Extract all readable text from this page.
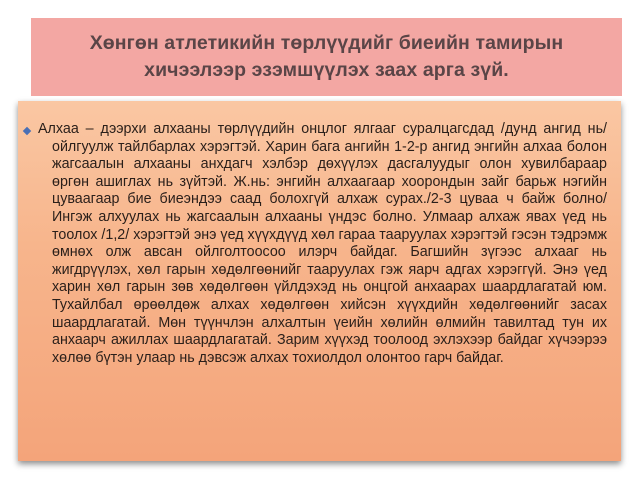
Хөнгөн атлетикийн төрлүүдийг биеийн тамирын
хичээлээр эзэмшүүлэх заах арга зүй.

Алхаа – дээрхи алхааны төрлүүдийн онцлог ялгааг суралцагсдад /дунд ангид нь/ ойлгуулж тайлбарлах хэрэгтэй. Харин бага ангийн 1-2-р ангид энгийн алхаа болон жагсаалын алхааны анхдагч хэлбэр дөхүүлэх дасгалуудыг олон хувилбараар өргөн ашиглах нь зүйтэй. Ж.нь: энгийн алхаагаар хоорондын зайг барьж нэгийн цуваагаар бие биеэндээ саад болохгүй алхаж сурах./2-3 цуваа ч байж болно/ Ингэж алхуулах нь жагсаалын алхааны үндэс болно. Улмаар алхаж явах үед нь тоолох /1,2/ хэрэгтэй энэ үед хүүхдүүд хөл гараа тааруулах хэрэгтэй гэсэн тэдрэмж өмнөх олж авсан ойлголтоосоо илэрч байдаг. Багшийн зүгээс алхааг нь жигдрүүлэх, хөл гарын хөдөлгөөнийг тааруулах гэж яарч адгах хэрэггүй. Энэ үед харин хөл гарын зөв хөдөлгөөн үйлдэхэд нь онцгой анхаарах шаардлагатай юм. Тухайлбал өрөөлдөж алхах хөдөлгөөн хийсэн хүүхдийн хөдөлгөөнийг засах шаардлагатай. Мөн түүнчлэн алхалтын үеийн хөлийн өлмийн тавилтад тун их анхаарч ажиллах шаардлагатай. Зарим хүүхэд тоолоод эхлэхээр байдаг хүчээрээ хөлөө бүтэн улаар нь дэвсэж алхах тохиолдол олонтоо гарч байдаг.
